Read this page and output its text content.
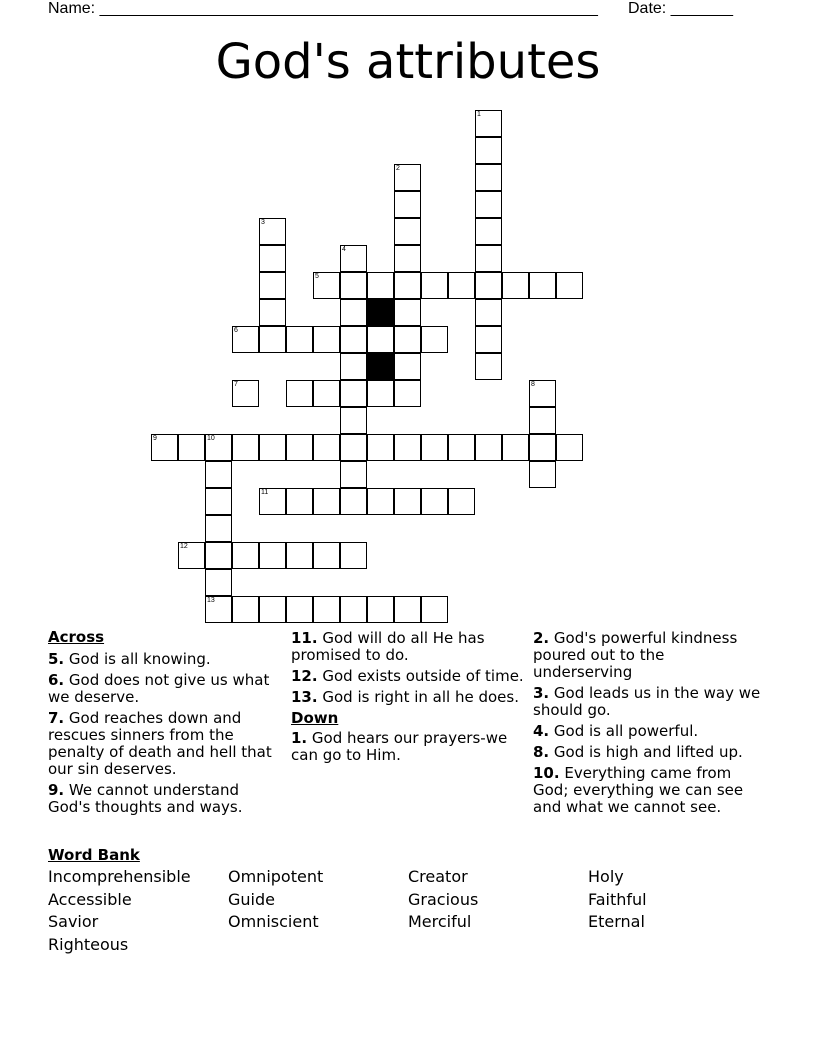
Name: ________________________________________________________ Date: _______
God's attributes
1
2
3
4
5
6
7	8
9	10
11
12
13
Across
5. God is all knowing.
6. God does not give us what we deserve.
7. God reaches down and rescues sinners from the penalty of death and hell that our sin deserves.
9. We cannot understand God's thoughts and ways.
11. God will do all He has promised to do.
12. God exists outside of time.
13. God is right in all he does.
Down
1. God hears our prayers-we can go to Him.
2. God's powerful kindness poured out to the underserving
3. God leads us in the way we should go.
4. God is all powerful.
8. God is high and lifted up.
10. Everything came from God; everything we can see and what we cannot see.
Word Bank
Incomprehensible Omnipotent	Creator	Holy
Accessible	Guide	Gracious	Faithful
Savior	Omniscient	Merciful	Eternal
Righteous
